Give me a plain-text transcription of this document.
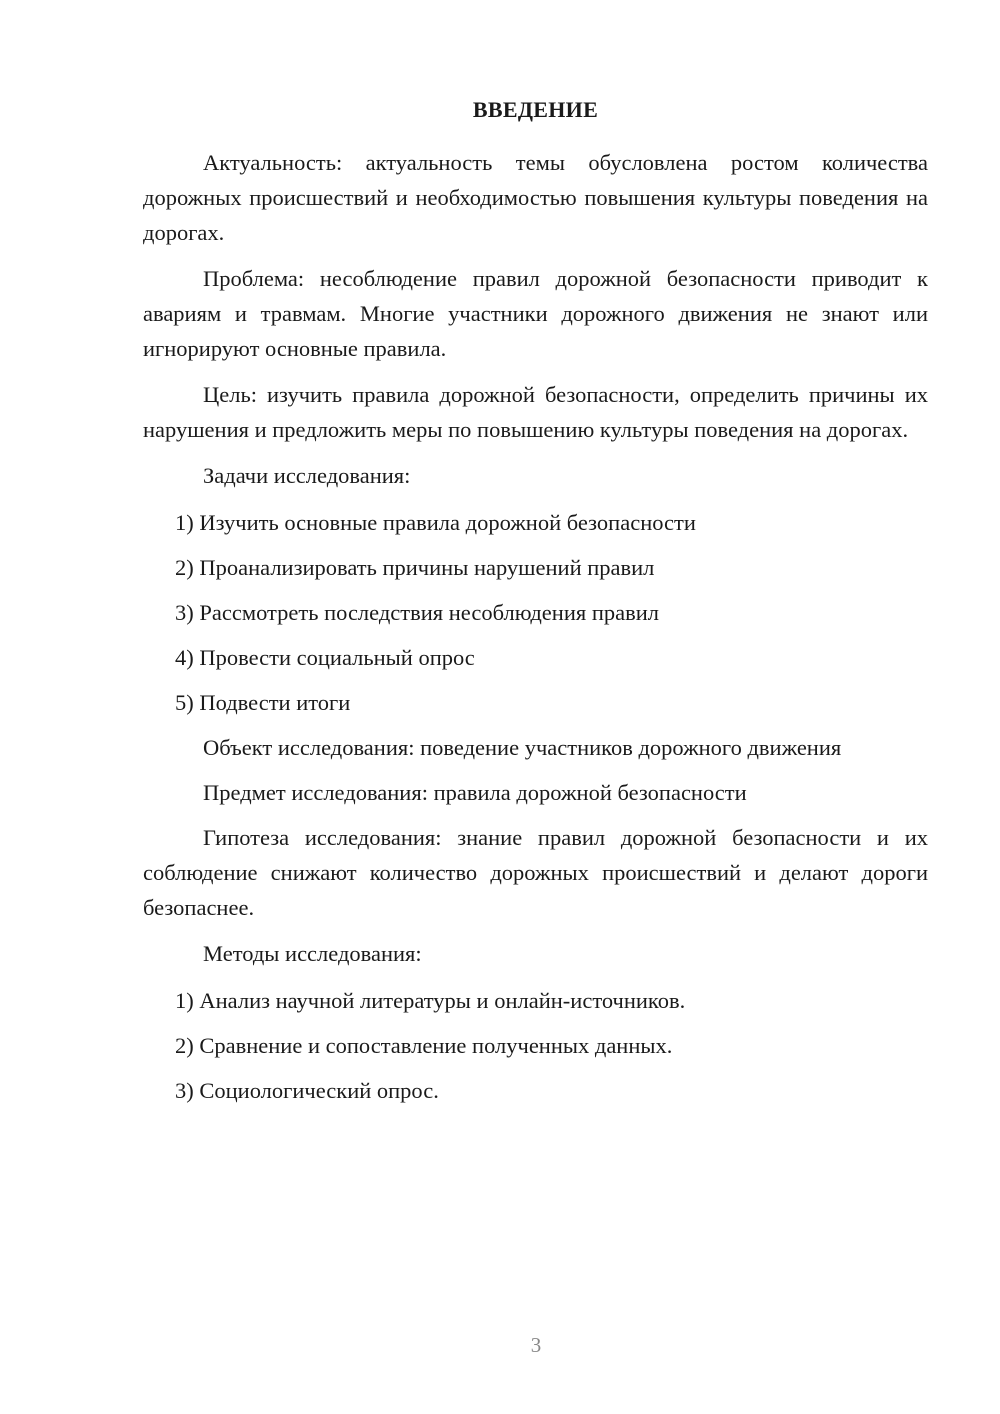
ВВЕДЕНИЕ
Актуальность: актуальность темы обусловлена ростом количества дорожных происшествий и необходимостью повышения культуры поведения на дорогах.
Проблема: несоблюдение правил дорожной безопасности приводит к авариям и травмам. Многие участники дорожного движения не знают или игнорируют основные правила.
Цель: изучить правила дорожной безопасности, определить причины их нарушения и предложить меры по повышению культуры поведения на дорогах.
Задачи исследования:
1) Изучить основные правила дорожной безопасности
2) Проанализировать причины нарушений правил
3) Рассмотреть последствия несоблюдения правил
4) Провести социальный опрос
5) Подвести итоги
Объект исследования: поведение участников дорожного движения
Предмет исследования: правила дорожной безопасности
Гипотеза исследования: знание правил дорожной безопасности и их соблюдение снижают количество дорожных происшествий и делают дороги безопаснее.
Методы исследования:
1) Анализ научной литературы и онлайн-источников.
2) Сравнение и сопоставление полученных данных.
3) Социологический опрос.
3
